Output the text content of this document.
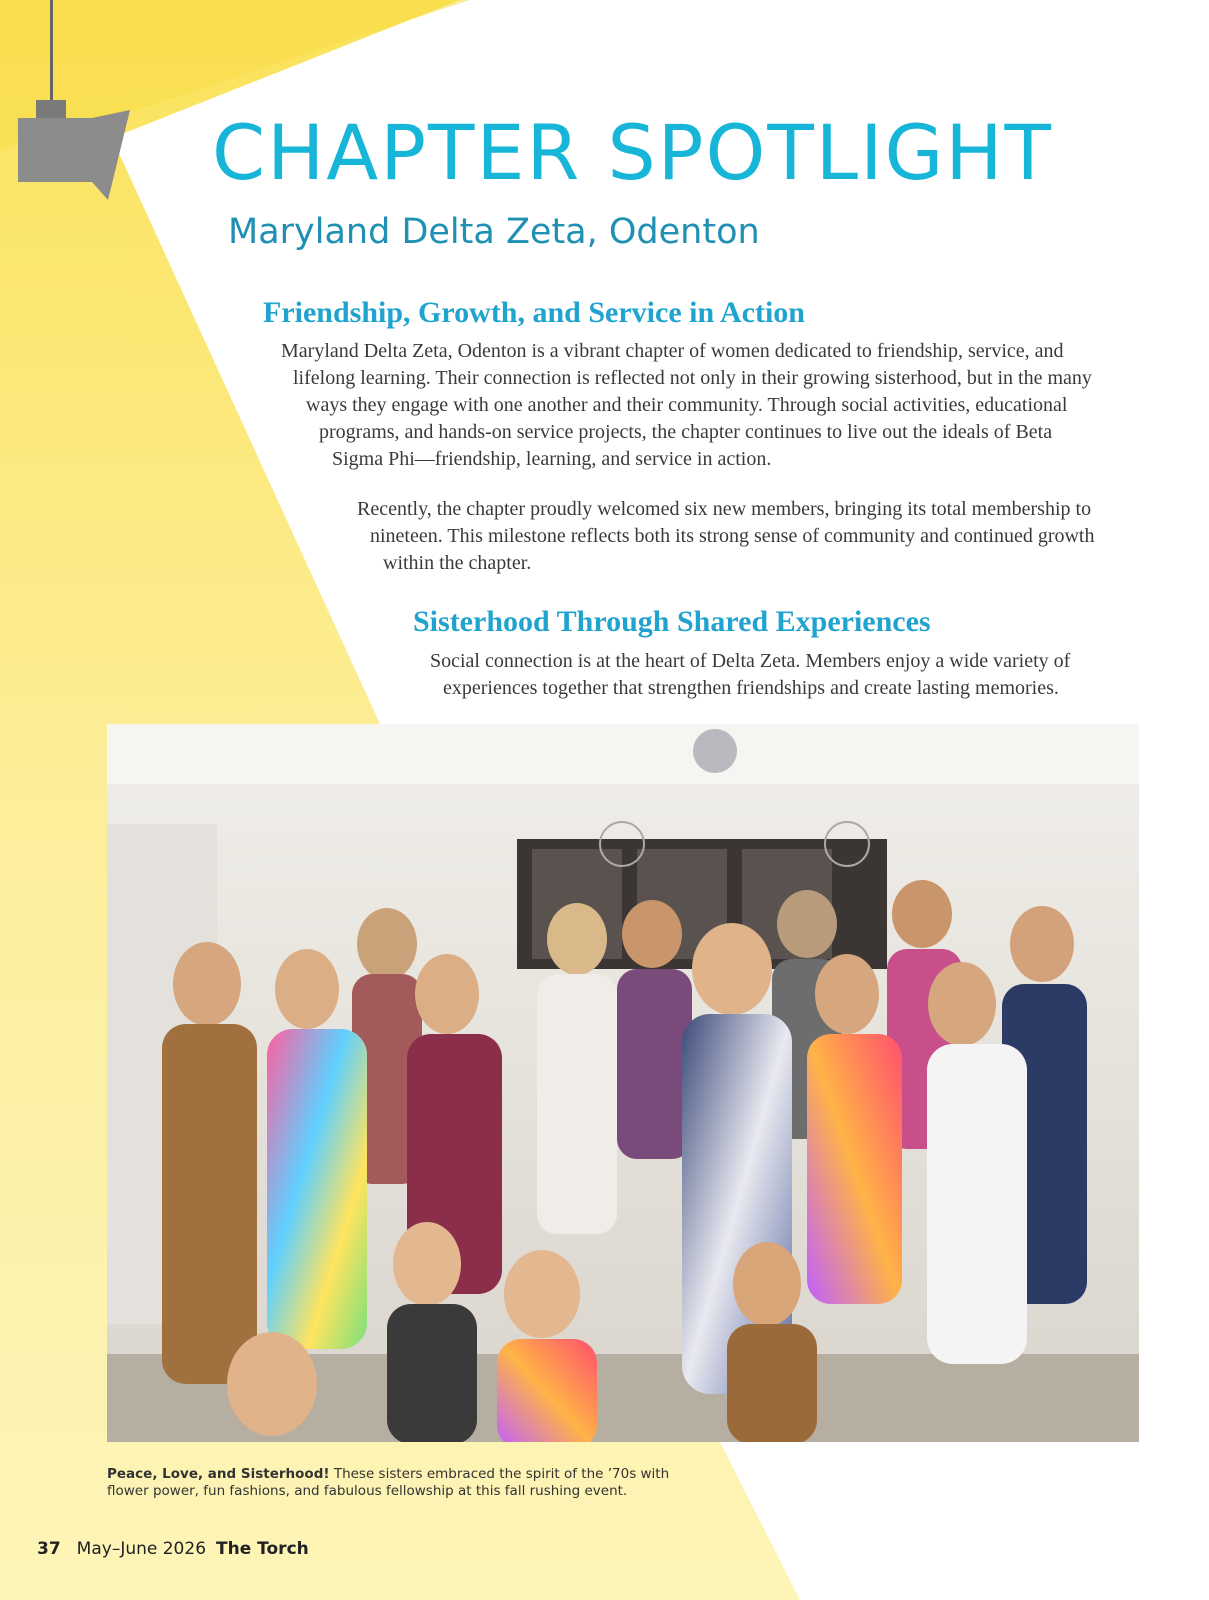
CHAPTER SPOTLIGHT
Maryland Delta Zeta, Odenton
Friendship, Growth, and Service in Action
Maryland Delta Zeta, Odenton is a vibrant chapter of women dedicated to friendship, service, and
lifelong learning. Their connection is reflected not only in their growing sisterhood, but in the many
ways they engage with one another and their community. Through social activities, educational
programs, and hands-on service projects, the chapter continues to live out the ideals of Beta
Sigma Phi—friendship, learning, and service in action.
Recently, the chapter proudly welcomed six new members, bringing its total membership to
nineteen. This milestone reflects both its strong sense of community and continued growth
within the chapter.
Sisterhood Through Shared Experiences
Social connection is at the heart of Delta Zeta. Members enjoy a wide variety of
experiences together that strengthen friendships and create lasting memories.
Peace, Love, and Sisterhood! These sisters embraced the spirit of the ’70s with
flower power, fun fashions, and fabulous fellowship at this fall rushing event.
37 May–June 2026 The Torch
